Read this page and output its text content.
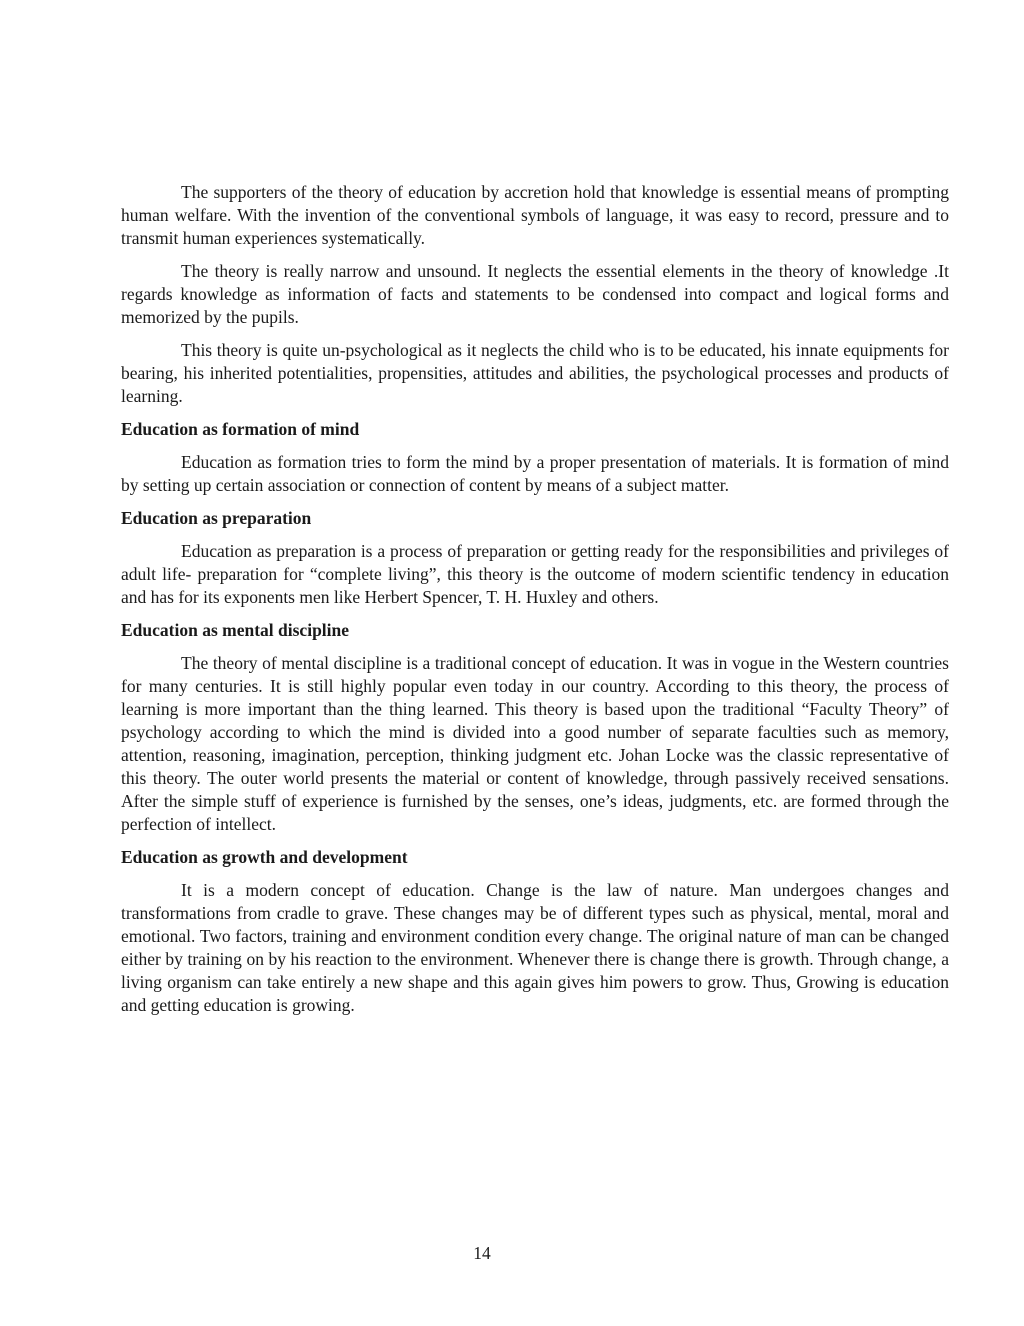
The supporters of the theory of education by accretion hold that knowledge is essential means of prompting human welfare. With the invention of the conventional symbols of language, it was easy to record, pressure and to transmit human experiences systematically.

The theory is really narrow and unsound. It neglects the essential elements in the theory of knowledge .It regards knowledge as information of facts and statements to be condensed into compact and logical forms and memorized by the pupils.

This theory is quite un-psychological as it neglects the child who is to be educated, his innate equipments for bearing, his inherited potentialities, propensities, attitudes and abilities, the psychological processes and products of learning.

Education as formation of mind

Education as formation tries to form the mind by a proper presentation of materials. It is formation of mind by setting up certain association or connection of content by means of a subject matter.

Education as preparation

Education as preparation is a process of preparation or getting ready for the responsibilities and privileges of adult life- preparation for “complete living”, this theory is the outcome of modern scientific tendency in education and has for its exponents men like Herbert Spencer, T. H. Huxley and others.

Education as mental discipline

The theory of mental discipline is a traditional concept of education. It was in vogue in the Western countries for many centuries. It is still highly popular even today in our country. According to this theory, the process of learning is more important than the thing learned. This theory is based upon the traditional “Faculty Theory” of psychology according to which the mind is divided into a good number of separate faculties such as memory, attention, reasoning, imagination, perception, thinking judgment etc. Johan Locke was the classic representative of this theory. The outer world presents the material or content of knowledge, through passively received sensations. After the simple stuff of experience is furnished by the senses, one’s ideas, judgments, etc. are formed through the perfection of intellect.

Education as growth and development

It is a modern concept of education. Change is the law of nature. Man undergoes changes and transformations from cradle to grave. These changes may be of different types such as physical, mental, moral and emotional. Two factors, training and environment condition every change. The original nature of man can be changed either by training on by his reaction to the environment. Whenever there is change there is growth. Through change, a living organism can take entirely a new shape and this again gives him powers to grow. Thus, Growing is education and getting education is growing.

14
